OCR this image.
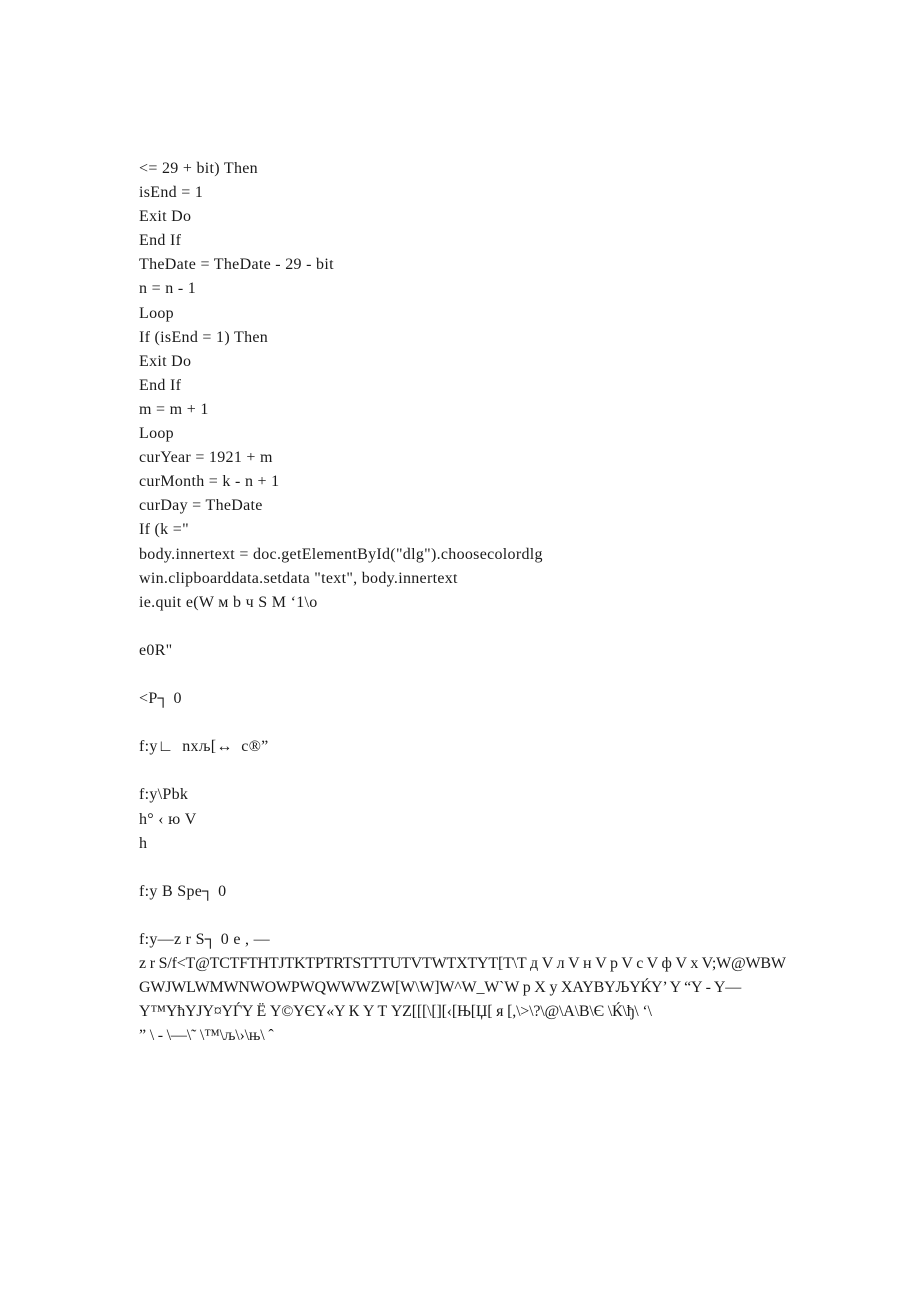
<= 29 + bit) Then
isEnd = 1
Exit Do
End If
TheDate = TheDate - 29 - bit
n = n - 1
Loop
If (isEnd = 1) Then
Exit Do
End If
m = m + 1
Loop
curYear = 1921 + m
curMonth = k - n + 1
curDay = TheDate
If (k ="
body.innertext = doc.getElementById("dlg").choosecolordlg
win.clipboarddata.setdata "text", body.innertext
ie.quit e(W м b ч S M ‘1\o
e0R"
<P┐ 0
f:y∟  nxљ[↔  c®”
f:y\Pbk
h° ‹ ю V
h
f:y B Spe┐ 0
f:y—z r S┐ 0 e , —
z r S/f<T@TCTFTHTJTKTPTRTSTTTUTVTWTXTYT[T\T д V л V н V p V c V ф V x V;W@WBW
GWJWLWMWNWOWPWQWWWZW[W\W]W^W_W`W p X y XAYBYЉYЌY’ Y “Y - Y—
Y™YћYЈY¤YЃY Ё Y©YЄY«Y К Y Т YZ[[[\[][‹[Њ[Џ[ я [,\>\?\@\A\B\Є \Ќ\ђ\ ‘\
” \ - \—\˜ \™\љ\›\њ\ ˆ
